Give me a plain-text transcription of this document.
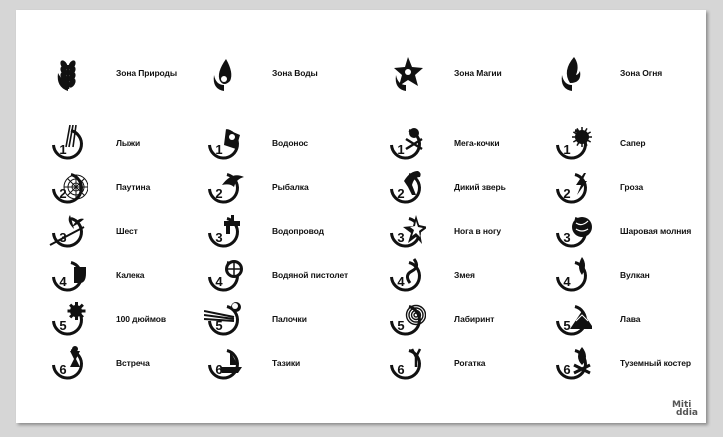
Miti
ddia
Зона Природы
1	Лыжи
2	Паутина
3	Шест
4	Калека
5	100 дюймов
6	Встреча
Зона Воды
1	Водонос
2	Рыбалка
3	Водопровод
4	Водяной пистолет
5	Палочки
6	Тазики
Зона Магии
1	Мега-кочки
2	Дикий зверь
3	Нога в ногу
4	Змея
5	Лабиринт
6	Рогатка
Зона Огня
1	Сапер
2	Гроза
3	Шаровая молния
4	Вулкан
5	Лава
6	Туземный костер
